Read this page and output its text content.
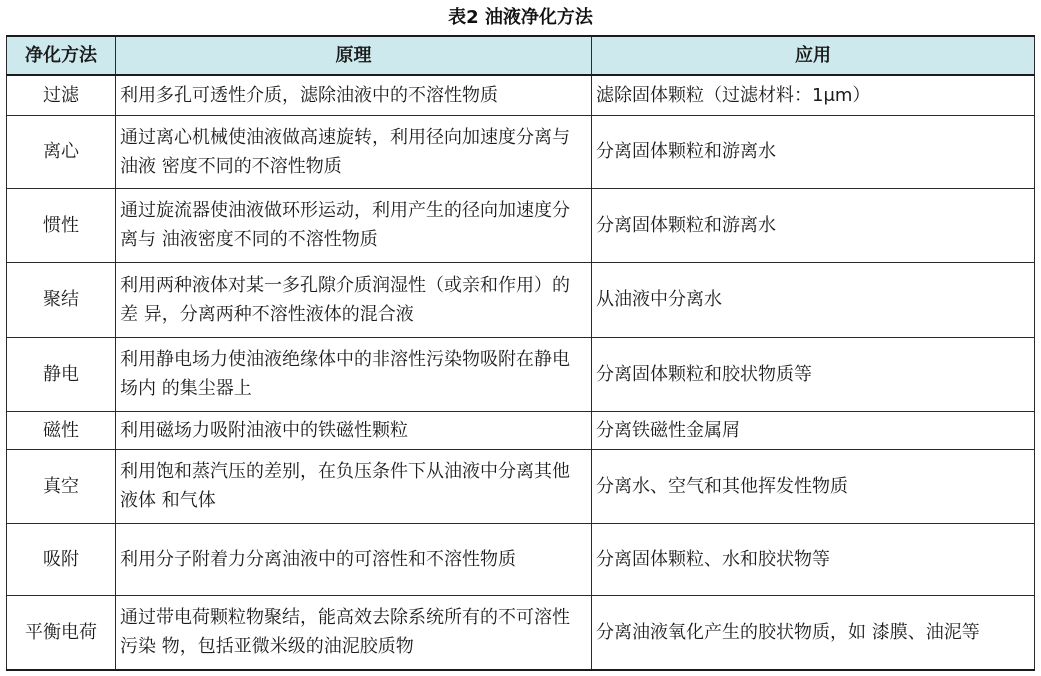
表2 油液净化方法
净化方法	原理	应用
过滤	利用多孔可透性介质，滤除油液中的不溶性物质	滤除固体颗粒（过滤材料：1μm）
离心	通过离心机械使油液做高速旋转，利用径向加速度分离与油液 密度不同的不溶性物质	分离固体颗粒和游离水
惯性	通过旋流器使油液做环形运动，利用产生的径向加速度分离与 油液密度不同的不溶性物质	分离固体颗粒和游离水
聚结	利用两种液体对某一多孔隙介质润湿性（或亲和作用）的差 异，分离两种不溶性液体的混合液	从油液中分离水
静电	利用静电场力使油液绝缘体中的非溶性污染物吸附在静电场内 的集尘器上	分离固体颗粒和胶状物质等
磁性	利用磁场力吸附油液中的铁磁性颗粒	分离铁磁性金属屑
真空	利用饱和蒸汽压的差别，在负压条件下从油液中分离其他液体 和气体	分离水、空气和其他挥发性物质
吸附	利用分子附着力分离油液中的可溶性和不溶性物质	分离固体颗粒、水和胶状物等
平衡电荷	通过带电荷颗粒物聚结，能高效去除系统所有的不可溶性污染 物，包括亚微米级的油泥胶质物	分离油液氧化产生的胶状物质，如 漆膜、油泥等
